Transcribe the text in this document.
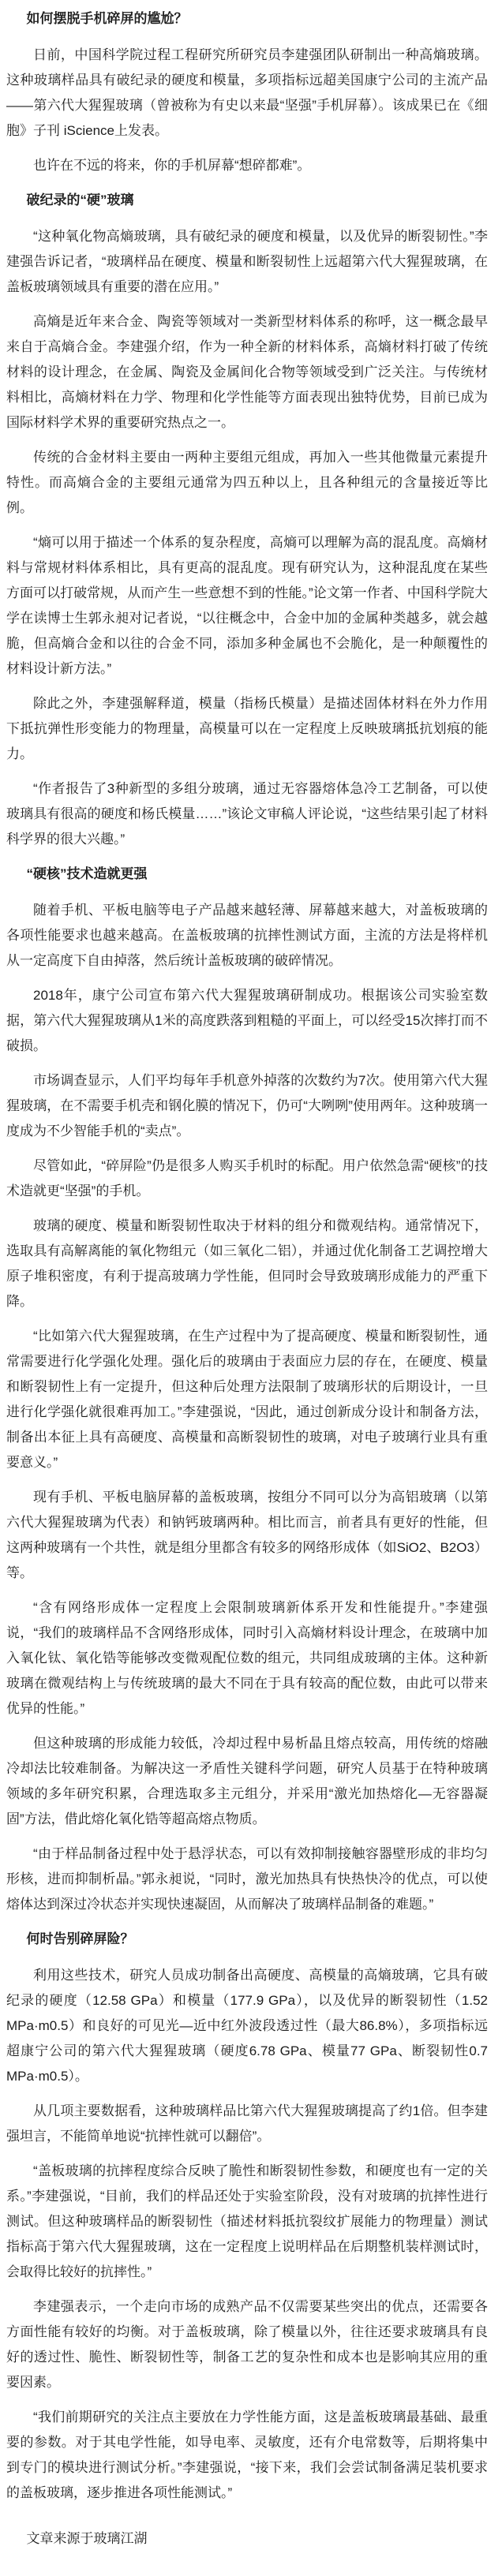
如何摆脱手机碎屏的尴尬？

日前，中国科学院过程工程研究所研究员李建强团队研制出一种高熵玻璃。这种玻璃样品具有破纪录的硬度和模量，多项指标远超美国康宁公司的主流产品——第六代大猩猩玻璃（曾被称为有史以来最“坚强”手机屏幕）。该成果已在《细胞》子刊 iScience上发表。

也许在不远的将来，你的手机屏幕“想碎都难”。

破纪录的“硬”玻璃

“这种氧化物高熵玻璃，具有破纪录的硬度和模量，以及优异的断裂韧性。”李建强告诉记者，“玻璃样品在硬度、模量和断裂韧性上远超第六代大猩猩玻璃，在盖板玻璃领域具有重要的潜在应用。”

高熵是近年来合金、陶瓷等领域对一类新型材料体系的称呼，这一概念最早来自于高熵合金。李建强介绍，作为一种全新的材料体系，高熵材料打破了传统材料的设计理念，在金属、陶瓷及金属间化合物等领域受到广泛关注。与传统材料相比，高熵材料在力学、物理和化学性能等方面表现出独特优势，目前已成为国际材料学术界的重要研究热点之一。

传统的合金材料主要由一两种主要组元组成，再加入一些其他微量元素提升特性。而高熵合金的主要组元通常为四五种以上，且各种组元的含量接近等比例。

“熵可以用于描述一个体系的复杂程度，高熵可以理解为高的混乱度。高熵材料与常规材料体系相比，具有更高的混乱度。现有研究认为，这种混乱度在某些方面可以打破常规，从而产生一些意想不到的性能。”论文第一作者、中国科学院大学在读博士生郭永昶对记者说，“以往概念中，合金中加的金属种类越多，就会越脆，但高熵合金和以往的合金不同，添加多种金属也不会脆化，是一种颠覆性的材料设计新方法。”

除此之外，李建强解释道，模量（指杨氏模量）是描述固体材料在外力作用下抵抗弹性形变能力的物理量，高模量可以在一定程度上反映玻璃抵抗划痕的能力。

“作者报告了3种新型的多组分玻璃，通过无容器熔体急冷工艺制备，可以使玻璃具有很高的硬度和杨氏模量……”该论文审稿人评论说，“这些结果引起了材料科学界的很大兴趣。”

“硬核”技术造就更强

随着手机、平板电脑等电子产品越来越轻薄、屏幕越来越大，对盖板玻璃的各项性能要求也越来越高。在盖板玻璃的抗摔性测试方面，主流的方法是将样机从一定高度下自由掉落，然后统计盖板玻璃的破碎情况。

2018年，康宁公司宣布第六代大猩猩玻璃研制成功。根据该公司实验室数据，第六代大猩猩玻璃从1米的高度跌落到粗糙的平面上，可以经受15次摔打而不破损。

市场调查显示，人们平均每年手机意外掉落的次数约为7次。使用第六代大猩猩玻璃，在不需要手机壳和钢化膜的情况下，仍可“大咧咧”使用两年。这种玻璃一度成为不少智能手机的“卖点”。

尽管如此，“碎屏险”仍是很多人购买手机时的标配。用户依然急需“硬核”的技术造就更“坚强”的手机。

玻璃的硬度、模量和断裂韧性取决于材料的组分和微观结构。通常情况下，选取具有高解离能的氧化物组元（如三氧化二铝），并通过优化制备工艺调控增大原子堆积密度，有利于提高玻璃力学性能，但同时会导致玻璃形成能力的严重下降。

“比如第六代大猩猩玻璃，在生产过程中为了提高硬度、模量和断裂韧性，通常需要进行化学强化处理。强化后的玻璃由于表面应力层的存在，在硬度、模量和断裂韧性上有一定提升，但这种后处理方法限制了玻璃形状的后期设计，一旦进行化学强化就很难再加工。”李建强说，“因此，通过创新成分设计和制备方法，制备出本征上具有高硬度、高模量和高断裂韧性的玻璃，对电子玻璃行业具有重要意义。”

现有手机、平板电脑屏幕的盖板玻璃，按组分不同可以分为高铝玻璃（以第六代大猩猩玻璃为代表）和钠钙玻璃两种。相比而言，前者具有更好的性能，但这两种玻璃有一个共性，就是组分里都含有较多的网络形成体（如SiO2、B2O3）等。

“含有网络形成体一定程度上会限制玻璃新体系开发和性能提升。”李建强说，“我们的玻璃样品不含网络形成体，同时引入高熵材料设计理念，在玻璃中加入氧化钛、氧化锆等能够改变微观配位数的组元，共同组成玻璃的主体。这种新玻璃在微观结构上与传统玻璃的最大不同在于具有较高的配位数，由此可以带来优异的性能。”

但这种玻璃的形成能力较低，冷却过程中易析晶且熔点较高，用传统的熔融冷却法比较难制备。为解决这一矛盾性关键科学问题，研究人员基于在特种玻璃领域的多年研究积累，合理选取多主元组分，并采用“激光加热熔化—无容器凝固”方法，借此熔化氧化锆等超高熔点物质。

“由于样品制备过程中处于悬浮状态，可以有效抑制接触容器壁形成的非均匀形核，进而抑制析晶。”郭永昶说，“同时，激光加热具有快热快冷的优点，可以使熔体达到深过冷状态并实现快速凝固，从而解决了玻璃样品制备的难题。”

何时告别碎屏险？

利用这些技术，研究人员成功制备出高硬度、高模量的高熵玻璃，它具有破纪录的硬度（12.58 GPa）和模量（177.9 GPa），以及优异的断裂韧性（1.52 MPa·m0.5）和良好的可见光—近中红外波段透过性（最大86.8%），多项指标远超康宁公司的第六代大猩猩玻璃（硬度6.78 GPa、模量77 GPa、断裂韧性0.7 MPa·m0.5）。

从几项主要数据看，这种玻璃样品比第六代大猩猩玻璃提高了约1倍。但李建强坦言，不能简单地说“抗摔性就可以翻倍”。

“盖板玻璃的抗摔程度综合反映了脆性和断裂韧性参数，和硬度也有一定的关系。”李建强说，“目前，我们的样品还处于实验室阶段，没有对玻璃的抗摔性进行测试。但这种玻璃样品的断裂韧性（描述材料抵抗裂纹扩展能力的物理量）测试指标高于第六代大猩猩玻璃，这在一定程度上说明样品在后期整机装样测试时，会取得比较好的抗摔性。”

李建强表示，一个走向市场的成熟产品不仅需要某些突出的优点，还需要各方面性能有较好的均衡。对于盖板玻璃，除了模量以外，往往还要求玻璃具有良好的透过性、脆性、断裂韧性等，制备工艺的复杂性和成本也是影响其应用的重要因素。

“我们前期研究的关注点主要放在力学性能方面，这是盖板玻璃最基础、最重要的参数。对于其电学性能，如导电率、灵敏度，还有介电常数等，后期将集中到专门的模块进行测试分析。”李建强说，“接下来，我们会尝试制备满足装机要求的盖板玻璃，逐步推进各项性能测试。”

文章来源于玻璃江湖
